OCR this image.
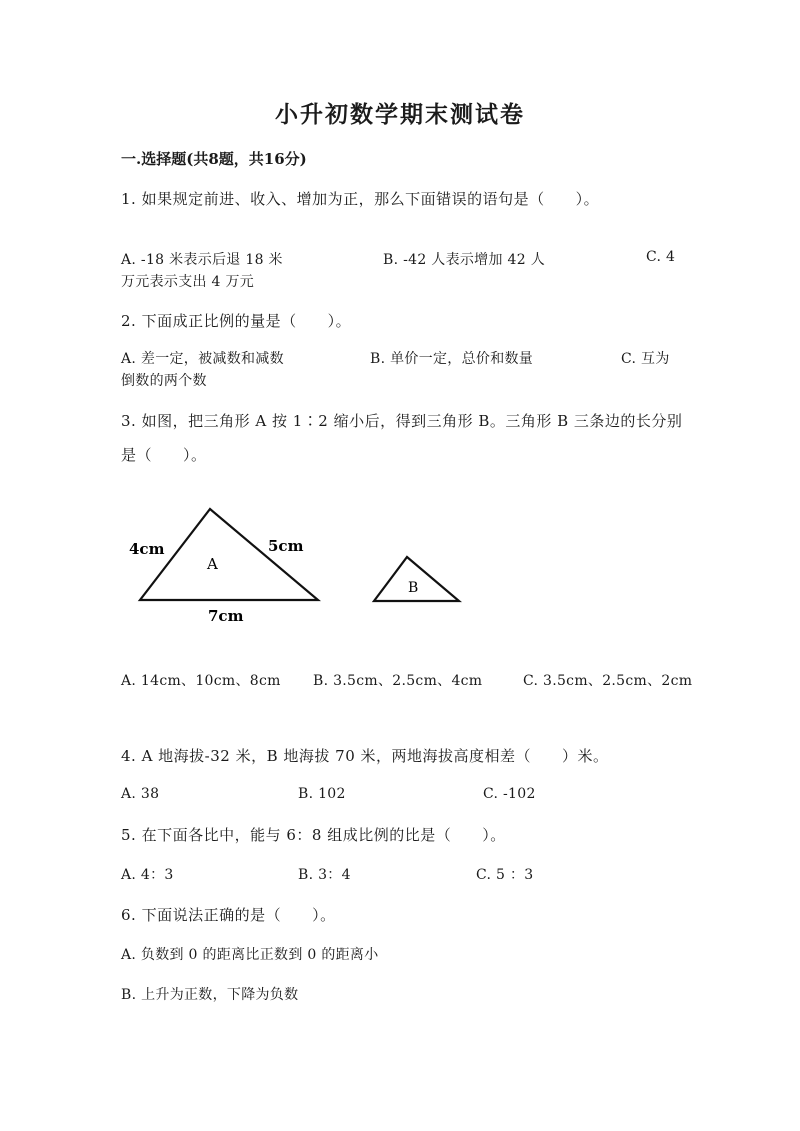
小升初数学期末测试卷
一.选择题(共8题，共16分)
1. 如果规定前进、收入、增加为正，那么下面错误的语句是（　　）。
A. -18 米表示后退 18 米	B. -42 人表示增加 42 人	C. 4
万元表示支出 4 万元
2. 下面成正比例的量是（　　）。
A. 差一定，被减数和减数	B. 单价一定，总价和数量	C. 互为
倒数的两个数
3. 如图，把三角形 A 按 1∶2 缩小后，得到三角形 B。三角形 B 三条边的长分别
是（　　）。
A
B
4cm	5cm
7cm
A. 14cm、10cm、8cm B. 3.5cm、2.5cm、4cm	C. 3.5cm、2.5cm、2cm
4. A 地海拔-32 米，B 地海拔 70 米，两地海拔高度相差（　　）米。
A. 38	B. 102	C. -102
5. 在下面各比中，能与 6：8 组成比例的比是（　　）。
A. 4：3	B. 3：4	C. 5 ：3
6. 下面说法正确的是（　　）。
A. 负数到 0 的距离比正数到 0 的距离小
B. 上升为正数，下降为负数
